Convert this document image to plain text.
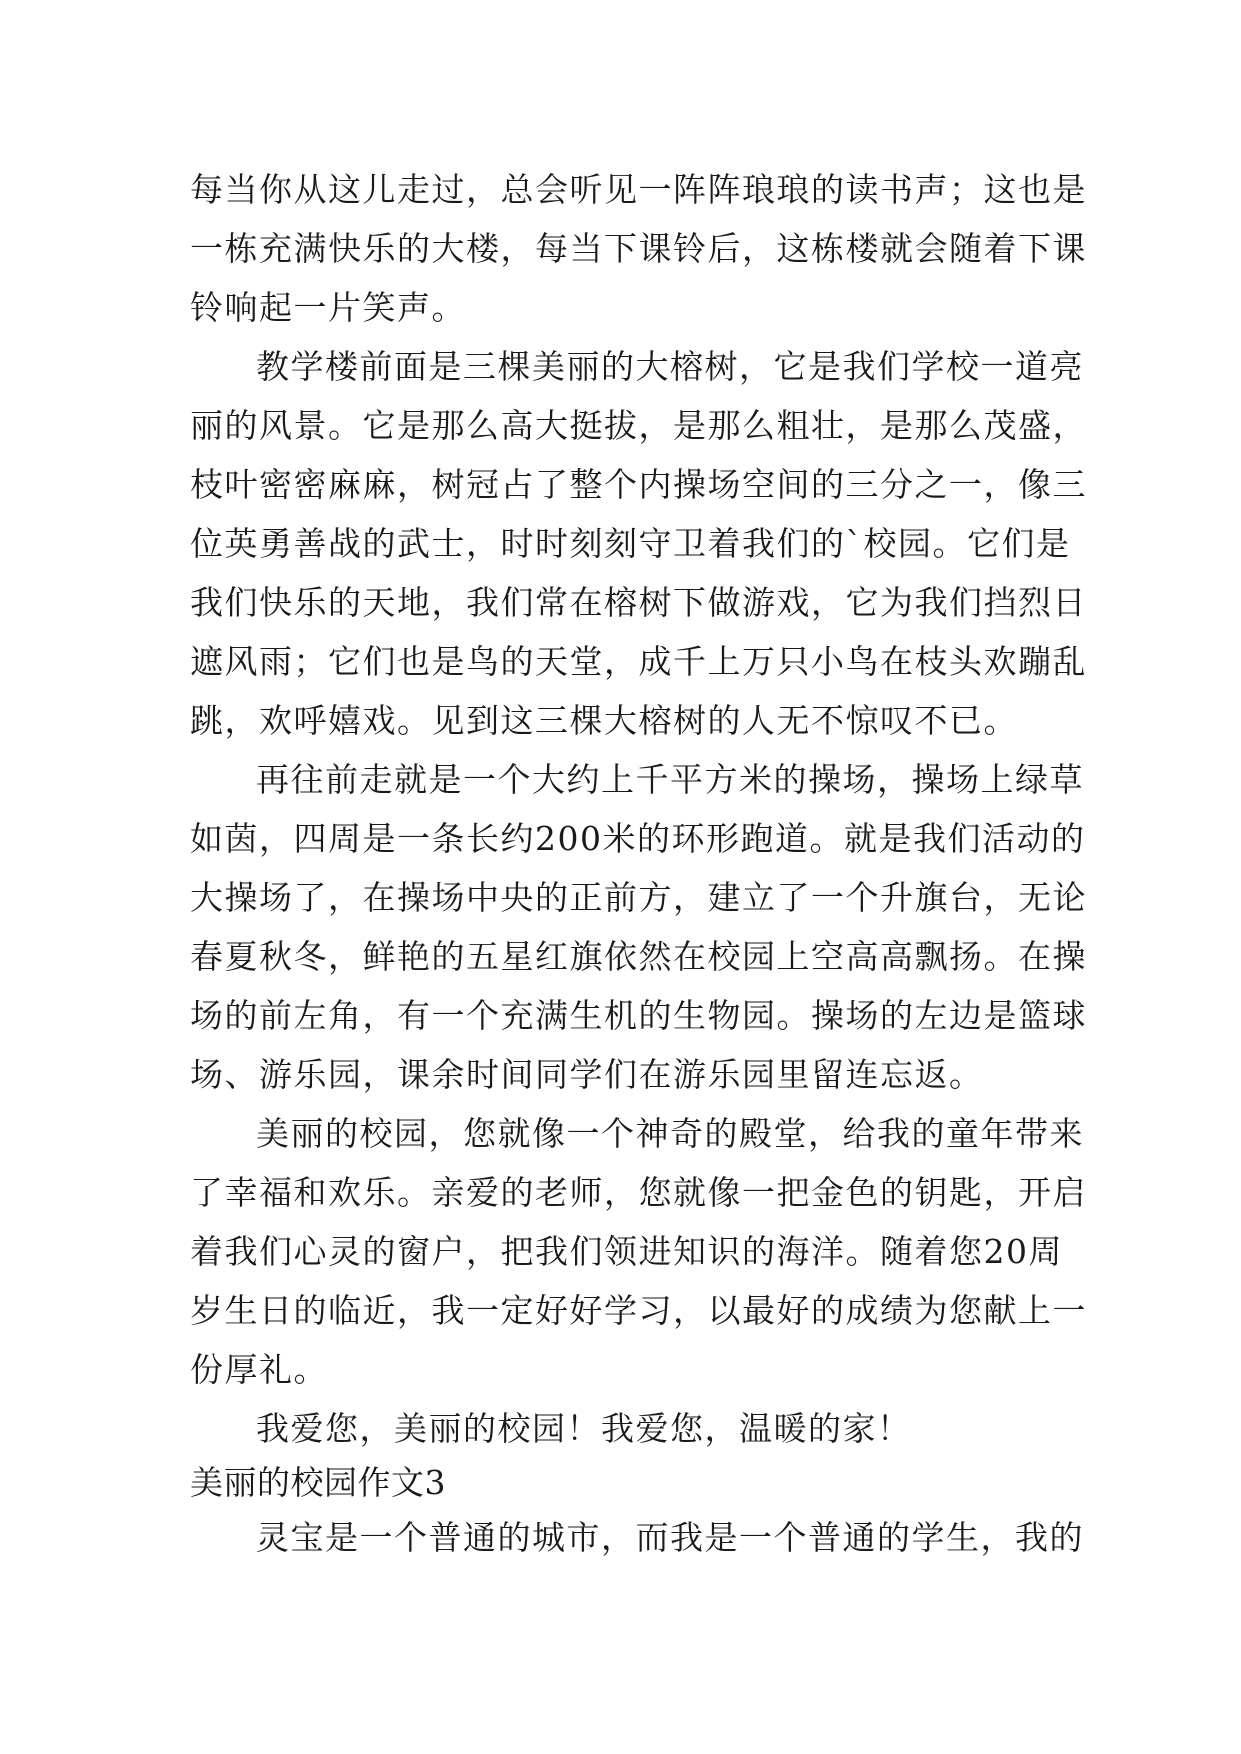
每当你从这儿走过，总会听见一阵阵琅琅的读书声；这也是
一栋充满快乐的大楼，每当下课铃后，这栋楼就会随着下课
铃响起一片笑声。
教学楼前面是三棵美丽的大榕树，它是我们学校一道亮
丽的风景。它是那么高大挺拔，是那么粗壮，是那么茂盛，
枝叶密密麻麻，树冠占了整个内操场空间的三分之一，像三
位英勇善战的武士，时时刻刻守卫着我们的`校园。它们是
我们快乐的天地，我们常在榕树下做游戏，它为我们挡烈日
遮风雨；它们也是鸟的天堂，成千上万只小鸟在枝头欢蹦乱
跳，欢呼嬉戏。见到这三棵大榕树的人无不惊叹不已。
再往前走就是一个大约上千平方米的操场，操场上绿草
如茵，四周是一条长约200米的环形跑道。就是我们活动的
大操场了，在操场中央的正前方，建立了一个升旗台，无论
春夏秋冬，鲜艳的五星红旗依然在校园上空高高飘扬。在操
场的前左角，有一个充满生机的生物园。操场的左边是篮球
场、游乐园，课余时间同学们在游乐园里留连忘返。
美丽的校园，您就像一个神奇的殿堂，给我的童年带来
了幸福和欢乐。亲爱的老师，您就像一把金色的钥匙，开启
着我们心灵的窗户，把我们领进知识的海洋。随着您20周
岁生日的临近，我一定好好学习，以最好的成绩为您献上一
份厚礼。
我爱您，美丽的校园！我爱您，温暖的家！
美丽的校园作文3
灵宝是一个普通的城市，而我是一个普通的学生，我的
